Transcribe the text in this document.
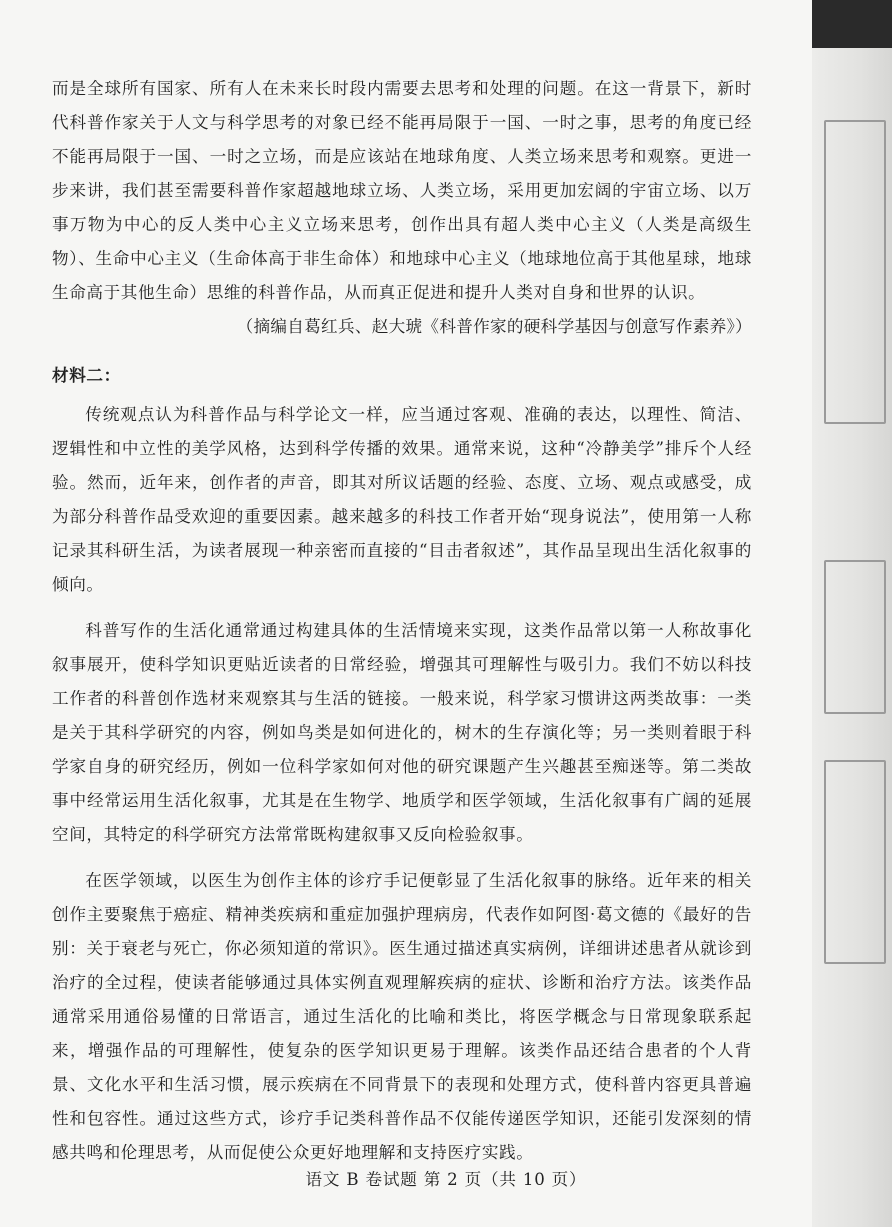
而是全球所有国家、所有人在未来长时段内需要去思考和处理的问题。在这一背景下，新时代科普作家关于人文与科学思考的对象已经不能再局限于一国、一时之事，思考的角度已经不能再局限于一国、一时之立场，而是应该站在地球角度、人类立场来思考和观察。更进一步来讲，我们甚至需要科普作家超越地球立场、人类立场，采用更加宏阔的宇宙立场、以万事万物为中心的反人类中心主义立场来思考，创作出具有超人类中心主义（人类是高级生物）、生命中心主义（生命体高于非生命体）和地球中心主义（地球地位高于其他星球，地球生命高于其他生命）思维的科普作品，从而真正促进和提升人类对自身和世界的认识。

（摘编自葛红兵、赵大琥《科普作家的硬科学基因与创意写作素养》）

材料二：

传统观点认为科普作品与科学论文一样，应当通过客观、准确的表达，以理性、简洁、逻辑性和中立性的美学风格，达到科学传播的效果。通常来说，这种“冷静美学”排斥个人经验。然而，近年来，创作者的声音，即其对所议话题的经验、态度、立场、观点或感受，成为部分科普作品受欢迎的重要因素。越来越多的科技工作者开始“现身说法”，使用第一人称记录其科研生活，为读者展现一种亲密而直接的“目击者叙述”，其作品呈现出生活化叙事的倾向。

科普写作的生活化通常通过构建具体的生活情境来实现，这类作品常以第一人称故事化叙事展开，使科学知识更贴近读者的日常经验，增强其可理解性与吸引力。我们不妨以科技工作者的科普创作选材来观察其与生活的链接。一般来说，科学家习惯讲这两类故事：一类是关于其科学研究的内容，例如鸟类是如何进化的，树木的生存演化等；另一类则着眼于科学家自身的研究经历，例如一位科学家如何对他的研究课题产生兴趣甚至痴迷等。第二类故事中经常运用生活化叙事，尤其是在生物学、地质学和医学领域，生活化叙事有广阔的延展空间，其特定的科学研究方法常常既构建叙事又反向检验叙事。

在医学领域，以医生为创作主体的诊疗手记便彰显了生活化叙事的脉络。近年来的相关创作主要聚焦于癌症、精神类疾病和重症加强护理病房，代表作如阿图·葛文德的《最好的告别：关于衰老与死亡，你必须知道的常识》。医生通过描述真实病例，详细讲述患者从就诊到治疗的全过程，使读者能够通过具体实例直观理解疾病的症状、诊断和治疗方法。该类作品通常采用通俗易懂的日常语言，通过生活化的比喻和类比，将医学概念与日常现象联系起来，增强作品的可理解性，使复杂的医学知识更易于理解。该类作品还结合患者的个人背景、文化水平和生活习惯，展示疾病在不同背景下的表现和处理方式，使科普内容更具普遍性和包容性。通过这些方式，诊疗手记类科普作品不仅能传递医学知识，还能引发深刻的情感共鸣和伦理思考，从而促使公众更好地理解和支持医疗实践。

语文 B 卷试题 第 2 页（共 10 页）
